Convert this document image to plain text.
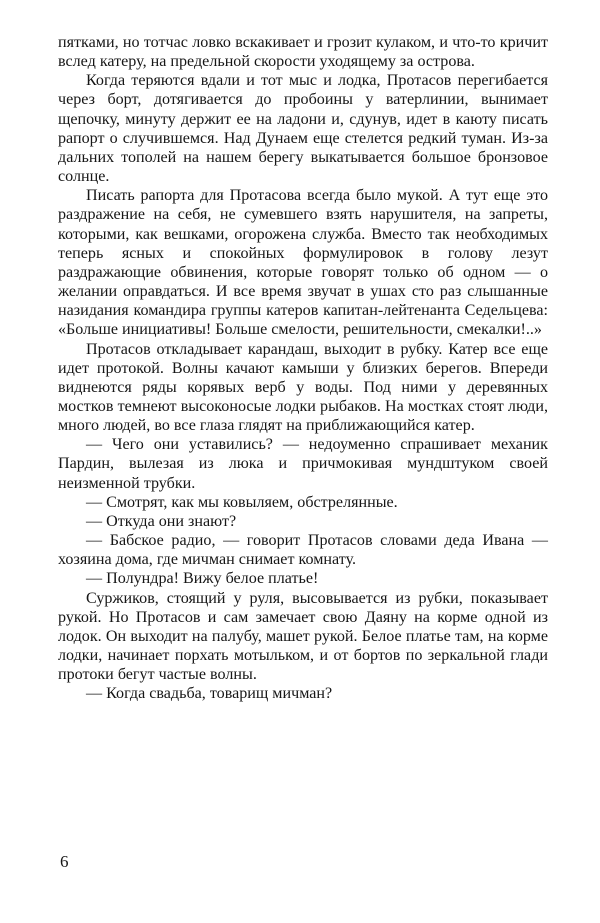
пятками, но тотчас ловко вскакивает и грозит кулаком, и что-то кричит вслед катеру, на предельной скорости уходящему за острова.

Когда теряются вдали и тот мыс и лодка, Протасов перегибается через борт, дотягивается до пробоины у ватерлинии, вынимает щепочку, минуту держит ее на ладони и, сдунув, идет в каюту писать рапорт о случившемся. Над Дунаем еще стелется редкий туман. Из-за дальних тополей на нашем берегу выкатывается большое бронзовое солнце.

Писать рапорта для Протасова всегда было мукой. А тут еще это раздражение на себя, не сумевшего взять нарушителя, на запреты, которыми, как вешками, огорожена служба. Вместо так необходимых теперь ясных и спокойных формулировок в голову лезут раздражающие обвинения, которые говорят только об одном — о желании оправдаться. И все время звучат в ушах сто раз слышанные назидания командира группы катеров капитан-лейтенанта Седельцева: «Больше инициативы! Больше смелости, решительности, смекалки!..»

Протасов откладывает карандаш, выходит в рубку. Катер все еще идет протокой. Волны качают камыши у близких берегов. Впереди виднеются ряды корявых верб у воды. Под ними у деревянных мостков темнеют высоконосые лодки рыбаков. На мостках стоят люди, много людей, во все глаза глядят на приближающийся катер.

— Чего они уставились? — недоуменно спрашивает механик Пардин, вылезая из люка и причмокивая мундштуком своей неизменной трубки.

— Смотрят, как мы ковыляем, обстрелянные.

— Откуда они знают?

— Бабское радио, — говорит Протасов словами деда Ивана — хозяина дома, где мичман снимает комнату.

— Полундра! Вижу белое платье!

Суржиков, стоящий у руля, высовывается из рубки, показывает рукой. Но Протасов и сам замечает свою Даяну на корме одной из лодок. Он выходит на палубу, машет рукой. Белое платье там, на корме лодки, начинает порхать мотыльком, и от бортов по зеркальной глади протоки бегут частые волны.

— Когда свадьба, товарищ мичман?

6
